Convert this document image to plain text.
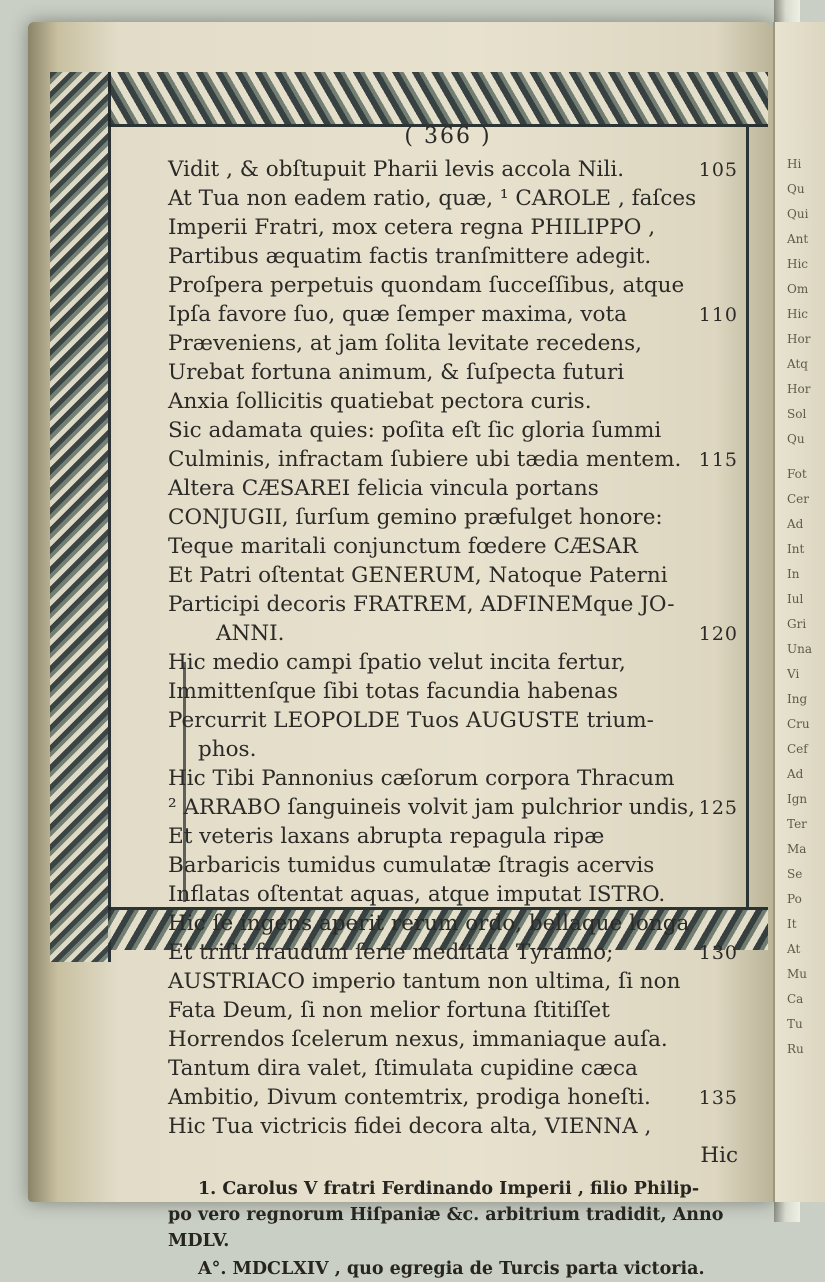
( 366 )
Vidit , & obſtupuit Pharii levis accola Nili.	105
At Tua non eadem ratio, quæ, ¹ CAROLE , faſces
Imperii Fratri, mox cetera regna PHILIPPO ,
Partibus æquatim factis tranſmittere adegit.
Proſpera perpetuis quondam ſucceſſibus, atque
Ipſa favore ſuo, quæ ſemper maxima, vota	110
Præveniens, at jam ſolita levitate recedens,
Urebat fortuna animum, & ſuſpecta futuri
Anxia ſollicitis quatiebat pectora curis.
Sic adamata quies: poſita eſt ſic gloria ſummi
Culminis, infractam ſubiere ubi tædia mentem. 115
Altera CÆSAREI felicia vincula portans
CONJUGII, ſurſum gemino præfulget honore:
Teque maritali conjunctum fœdere CÆSAR
Et Patri oſtentat GENERUM, Natoque Paterni
Participi decoris FRATREM, ADFINEMque JO-
ANNI.	120
Hic medio campi ſpatio velut incita fertur,
Immittenſque ſibi totas facundia habenas
Percurrit LEOPOLDE Tuos AUGUSTE trium-
phos.
Hic Tibi Pannonius cæſorum corpora Thracum
² ARRABO ſanguineis volvit jam pulchrior undis, 125
Et veteris laxans abrupta repagula ripæ
Barbaricis tumidus cumulatæ ſtragis acervis
Inflatas oſtentat aquas, atque imputat ISTRO.
Hic ſe ingens aperit rerum ordo, bellaque longa
Et triſti fraudum ſerie meditata Tyranno;	130
AUSTRIACO imperio tantum non ultima, ſi non
Fata Deum, ſi non melior fortuna ſtitiſſet
Horrendos ſcelerum nexus, immaniaque auſa.
Tantum dira valet, ſtimulata cupidine cæca
Ambitio, Divum contemtrix, prodiga honeſti.	135
Hic Tua victricis fidei decora alta, VIENNA ,
Hic
1. Carolus V fratri Ferdinando Imperii , filio Philip-
po vero regnorum Hiſpaniæ &c. arbitrium tradidit, Anno
MDLV.
A°. MDCLXIV , quo egregia de Turcis parta victoria.
Hi
Qu
Qui
Ant
Hic
Om
Hic
Hor
Atq
Hor
Sol
Qu
Fot
Cer
Ad
Int
In
Iul
Gri
Una
Vi
Ing
Cru
Cef
Ad
Ign
Ter
Ma
Se
Po
It
At
Mu
Ca
Tu
Ru
